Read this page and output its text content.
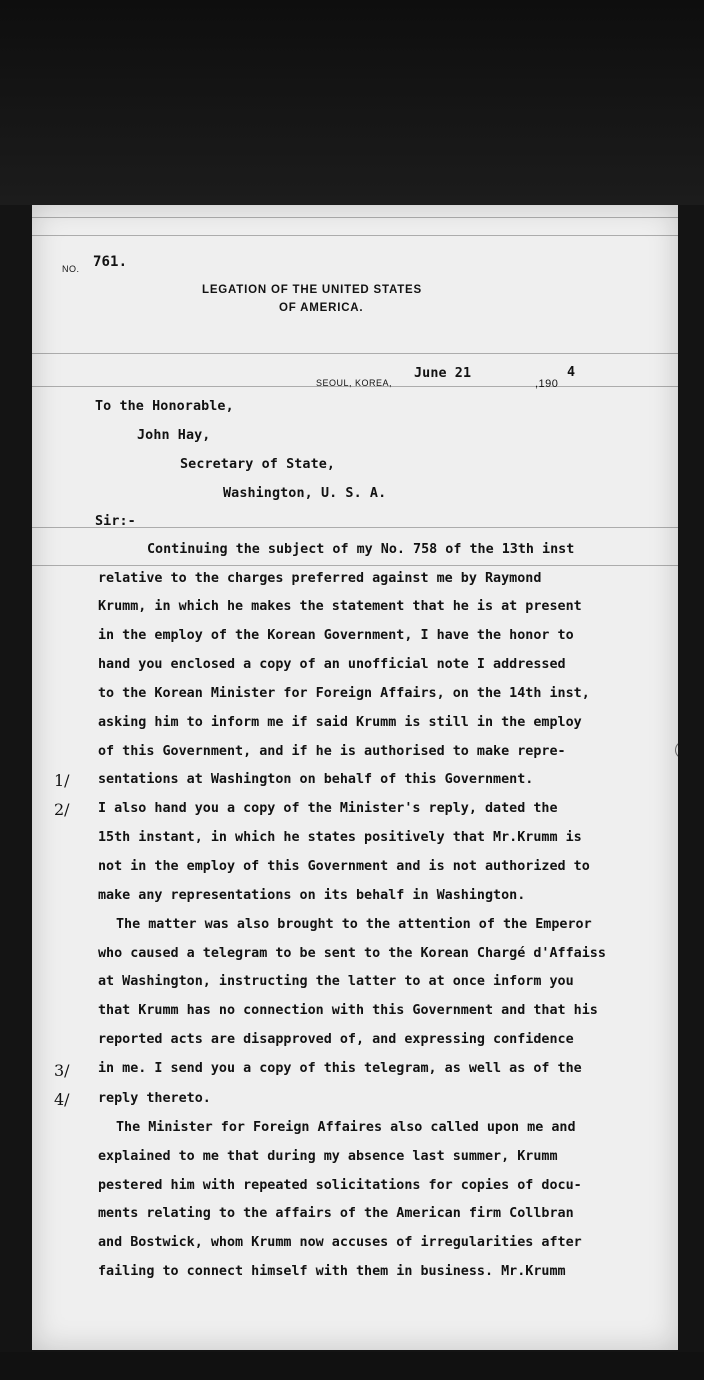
NO. 761.
LEGATION OF THE UNITED STATES
OF AMERICA.
SEOUL, KOREA,
June 21
,190
4
To the Honorable,
John Hay,
Secretary of State,
Washington, U. S. A.
Sir:-
Continuing the subject of my No. 758 of the 13th inst
relative to the charges preferred against me by Raymond
Krumm, in which he makes the statement that he is at present
in the employ of the Korean Government, I have the honor to
hand you enclosed a copy of an unofficial note I addressed
to the Korean Minister for Foreign Affairs, on the 14th inst,
asking him to inform me if said Krumm is still in the employ
of this Government, and if he is authorised to make repre-
sentations at Washington on behalf of this Government.
I also hand you a copy of the Minister's reply, dated the
15th instant, in which he states positively that Mr.Krumm is
not in the employ of this Government and is not authorized to
make any representations on its behalf in Washington.
The matter was also brought to the attention of the Emperor
who caused a telegram to be sent to the Korean Chargé d'Affaiss
at Washington, instructing the latter to at once inform you
that Krumm has no connection with this Government and that his
reported acts are disapproved of, and expressing confidence
in me. I send you a copy of this telegram, as well as of the
reply thereto.
The Minister for Foreign Affaires also called upon me and
explained to me that during my absence last summer, Krumm
pestered him with repeated solicitations for copies of docu-
ments relating to the affairs of the American firm Collbran
and Bostwick, whom Krumm now accuses of irregularities after
failing to connect himself with them in business. Mr.Krumm
1/
2/
3/
4/
